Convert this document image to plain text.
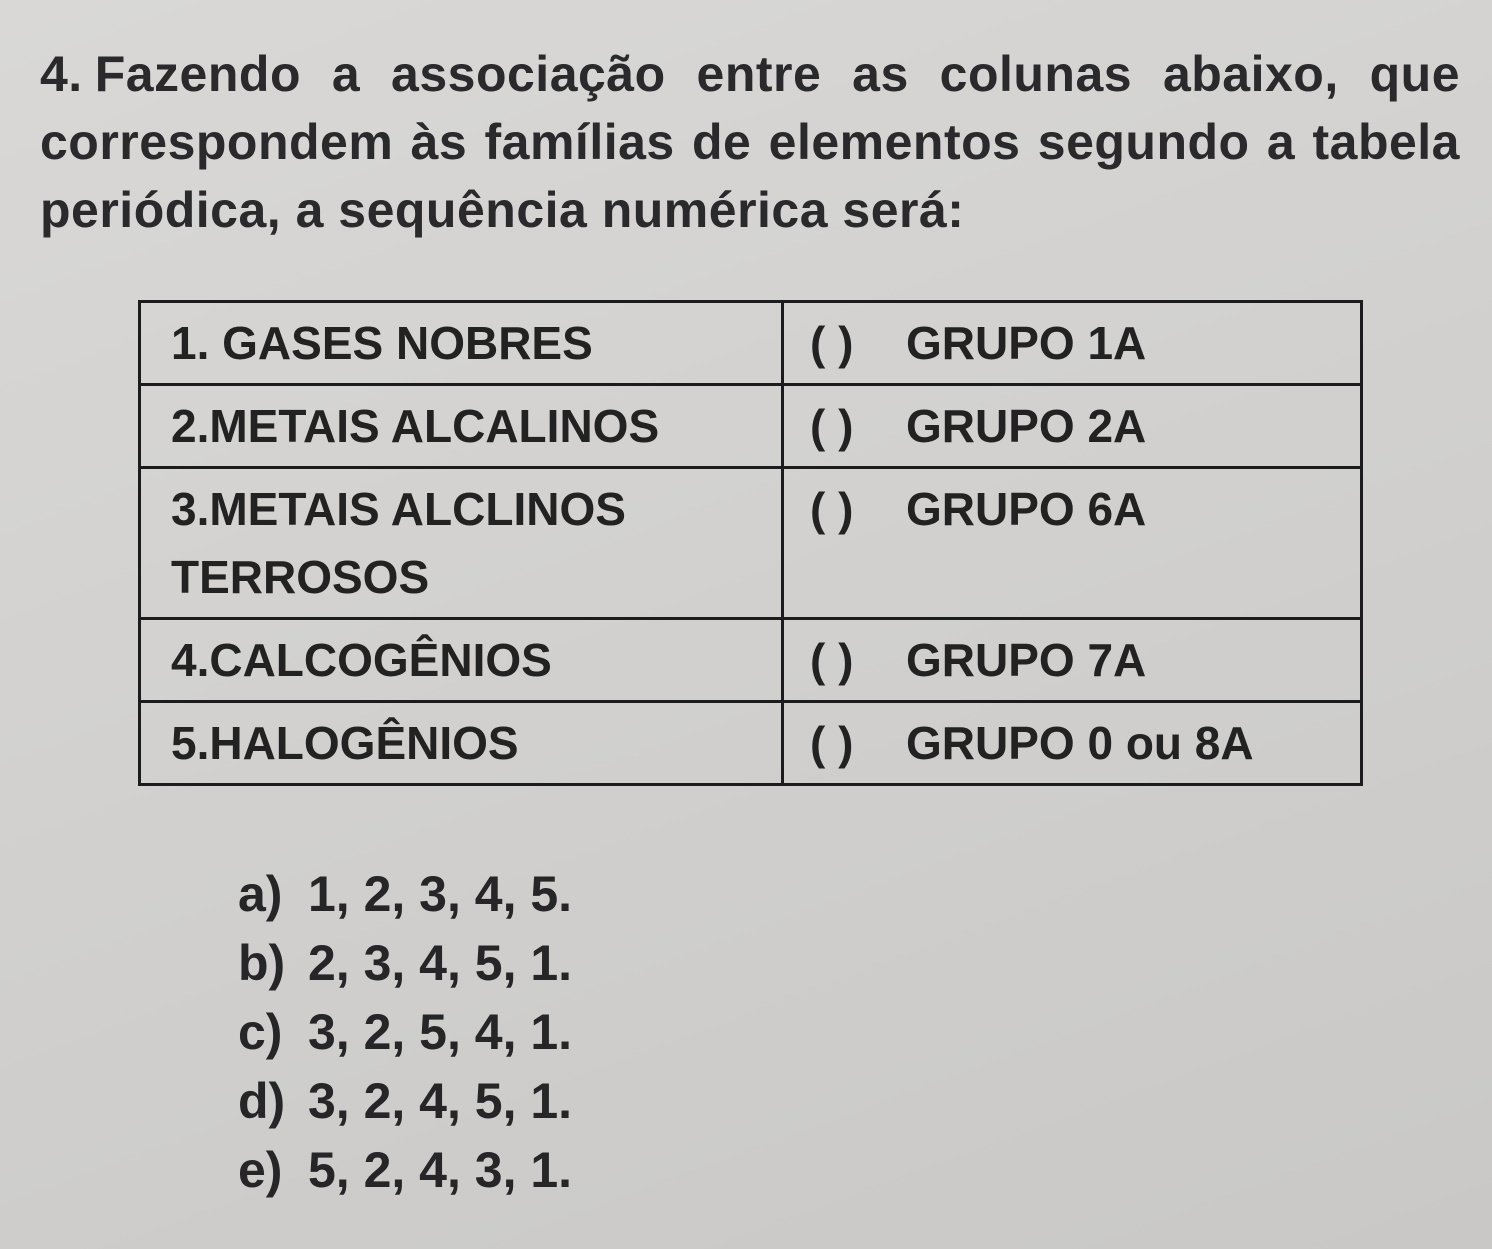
4. Fazendo a associação entre as colunas abaixo, que correspondem às famílias de elementos segundo a tabela periódica, a sequência numérica será:
1. GASES NOBRES	( ) GRUPO 1A
2.METAIS ALCALINOS	( ) GRUPO 2A
3.METAIS ALCLINOS TERROSOS	( ) GRUPO 6A
4.CALCOGÊNIOS	( ) GRUPO 7A
5.HALOGÊNIOS	( ) GRUPO 0 ou 8A
a) 1, 2, 3, 4, 5.
b) 2, 3, 4, 5, 1.
c) 3, 2, 5, 4, 1.
d) 3, 2, 4, 5, 1.
e) 5, 2, 4, 3, 1.
